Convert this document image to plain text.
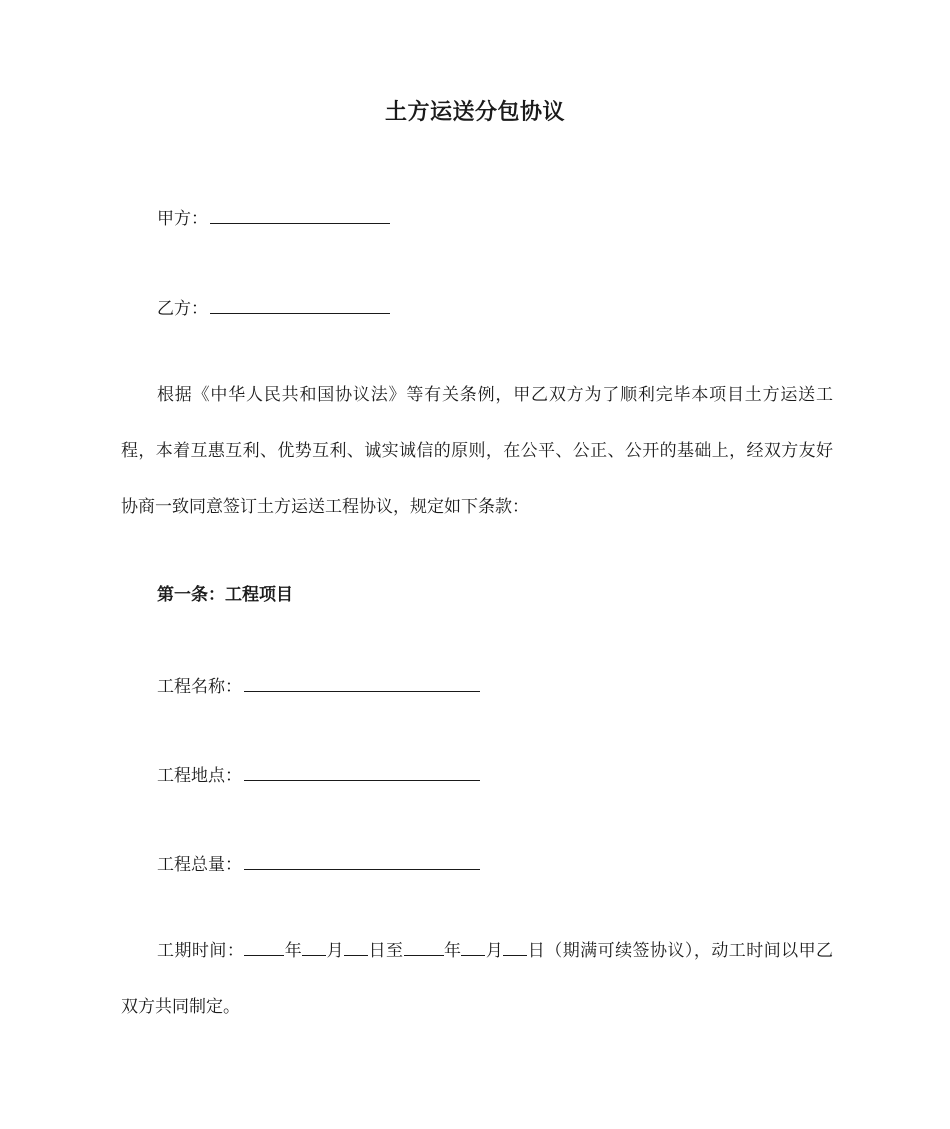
土方运送分包协议
甲方：
乙方：

根据《中华人民共和国协议法》等有关条例，甲乙双方为了顺利完毕本项目土方运送工程，本着互惠互利、优势互利、诚实诚信的原则，在公平、公正、公开的基础上，经双方友好协商一致同意签订土方运送工程协议，规定如下条款：

第一条：工程项目
工程名称：
工程地点：
工程总量：

工期时间： 年 月 日至 年 月 日（期满可续签协议），动工时间以甲乙双方共同制定。
